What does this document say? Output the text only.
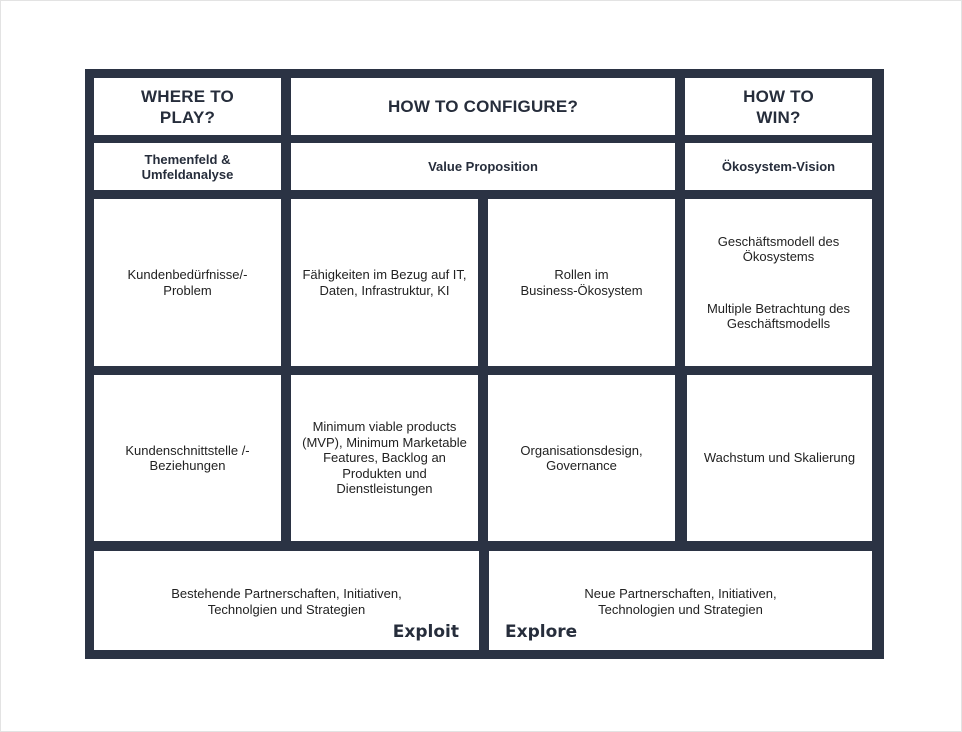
WHERE TO
PLAY?
HOW TO CONFIGURE?
HOW TO
WIN?
Themenfeld &
Umfeldanalyse	Value Proposition	Ökosystem-Vision
Kundenbedürfnisse/-
Problem
Fähigkeiten im Bezug auf IT,
Daten, Infrastruktur, KI
Rollen im
Business-Ökosystem
Geschäftsmodell des
Ökosystems
Multiple Betrachtung des
Geschäftsmodells
Kundenschnittstelle /-
Beziehungen
Minimum viable products
(MVP), Minimum Marketable
Features, Backlog an
Produkten und
Dienstleistungen
Organisationsdesign,
Governance
Wachstum und Skalierung
Bestehende Partnerschaften, Initiativen,
Technolgien und Strategien
Exploit
Neue Partnerschaften, Initiativen,
Technologien und Strategien
Explore
